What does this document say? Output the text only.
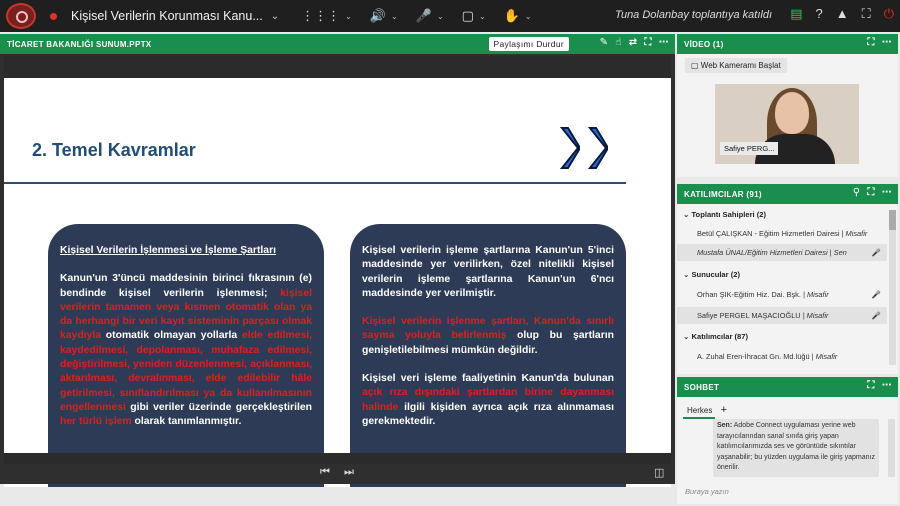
Kişisel Verilerin Korunması Kanu... ⌄ ⋮⋮⋮ ⌄ 🔊 ⌄ 🎤 ⌄ ▢ ⌄ ✋ ⌄	Tuna Dolanbay toplantıya katıldı ▤ ? ▲ ⛶ ⏻
TİCARET BAKANLIĞI SUNUM.PPTX	Paylaşımı Durdur	✎ ☝ ⇄ ⛶ ⋯
2. Temel Kavramlar
Kişisel Verilerin İşlenmesi ve İşleme Şartları
Kanun'un 3'üncü maddesinin birinci fıkrasının (e) bendinde kişisel verilerin işlenmesi; kişisel verilerin tamamen veya kısmen otomatik olan ya da herhangi bir veri kayıt sisteminin parçası olmak kaydıyla otomatik olmayan yollarla elde edilmesi, kaydedilmesi, depolanması, muhafaza edilmesi, değiştirilmesi, yeniden düzenlenmesi, açıklanması, aktarılması, devralınması, elde edilebilir hâle getirilmesi, sınıflandırılması ya da kullanılmasının engellenmesi gibi veriler üzerinde gerçekleştirilen her türlü işlem olarak tanımlanmıştır.
Kişisel verilerin işleme şartlarına Kanun'un 5'inci maddesinde yer verilirken, özel nitelikli kişisel verilerin işleme şartlarına Kanun'un 6'ncı maddesinde yer verilmiştir.
Kişisel verilerin işlenme şartları, Kanun'da sınırlı sayma yoluyla belirlenmiş olup bu şartların genişletilebilmesi mümkün değildir.
Kişisel veri işleme faaliyetinin Kanun'da bulunan açık rıza dışındaki şartlardan birine dayanması halinde ilgili kişiden ayrıca açık rıza alınmaması gerekmektedir.
⏮ ⏭	◫
VİDEO (1)	⛶ ⋯
▢ Web Kameramı Başlat
Safiye PERG...
KATILIMCILAR (91)	⚲ ⛶ ⋯
⌄ Toplantı Sahipleri (2)
Betül ÇALIŞKAN - Eğitim Hizmetleri Dairesi | Misafir
Mustafa ÜNAL/Eğitim Hizmetleri Dairesi | Sen	🎤
⌄ Sunucular (2)
Orhan ŞIK-Eğitim Hiz. Dai. Bşk. | Misafir	🎤
Safiye PERGEL MAŞACIOĞLU | Misafir	🎤
⌄ Katılımcılar (87)
A. Zuhal Eren-İhracat Gn. Md.lüğü | Misafir
SOHBET	⛶ ⋯
Herkes +
Sen: Adobe Connect uygulaması yerine web tarayıcılarından sanal sınıfa giriş yapan katılımcılarımızda ses ve görüntüde sıkıntılar yaşanabilir; bu yüzden uygulama ile giriş yapmanız önerilir.
Buraya yazın
